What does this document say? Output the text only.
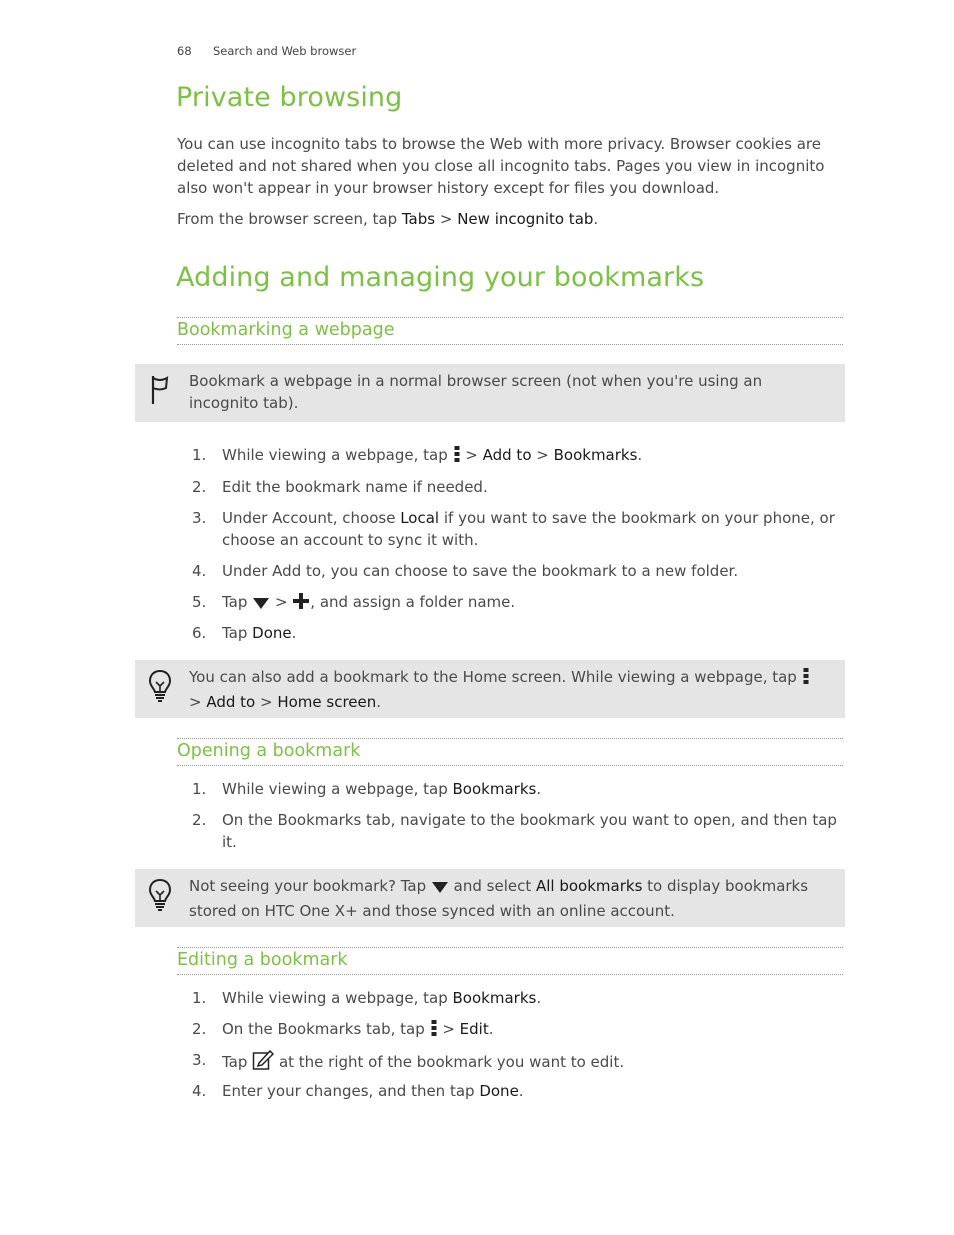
68 Search and Web browser
Private browsing

You can use incognito tabs to browse the Web with more privacy. Browser cookies are deleted and not shared when you close all incognito tabs. Pages you view in incognito also won't appear in your browser history except for files you download.

From the browser screen, tap Tabs > New incognito tab.

Adding and managing your bookmarks
Bookmarking a webpage
Bookmark a webpage in a normal browser screen (not when you're using an incognito tab).
1.	While viewing a webpage, tap  > Add to > Bookmarks.
2.	Edit the bookmark name if needed.
3.	Under Account, choose Local if you want to save the bookmark on your phone, or choose an account to sync it with.
4.	Under Add to, you can choose to save the bookmark to a new folder.
5.	Tap  > , and assign a folder name.
6.	Tap Done.
You can also add a bookmark to the Home screen. While viewing a webpage, tap
> Add to > Home screen.
Opening a bookmark
1.	While viewing a webpage, tap Bookmarks.
2.	On the Bookmarks tab, navigate to the bookmark you want to open, and then tap it.
Not seeing your bookmark? Tap  and select All bookmarks to display bookmarks stored on HTC One X+ and those synced with an online account.
Editing a bookmark
1.	While viewing a webpage, tap Bookmarks.
2.	On the Bookmarks tab, tap  > Edit.
3.	Tap  at the right of the bookmark you want to edit.
4.	Enter your changes, and then tap Done.
